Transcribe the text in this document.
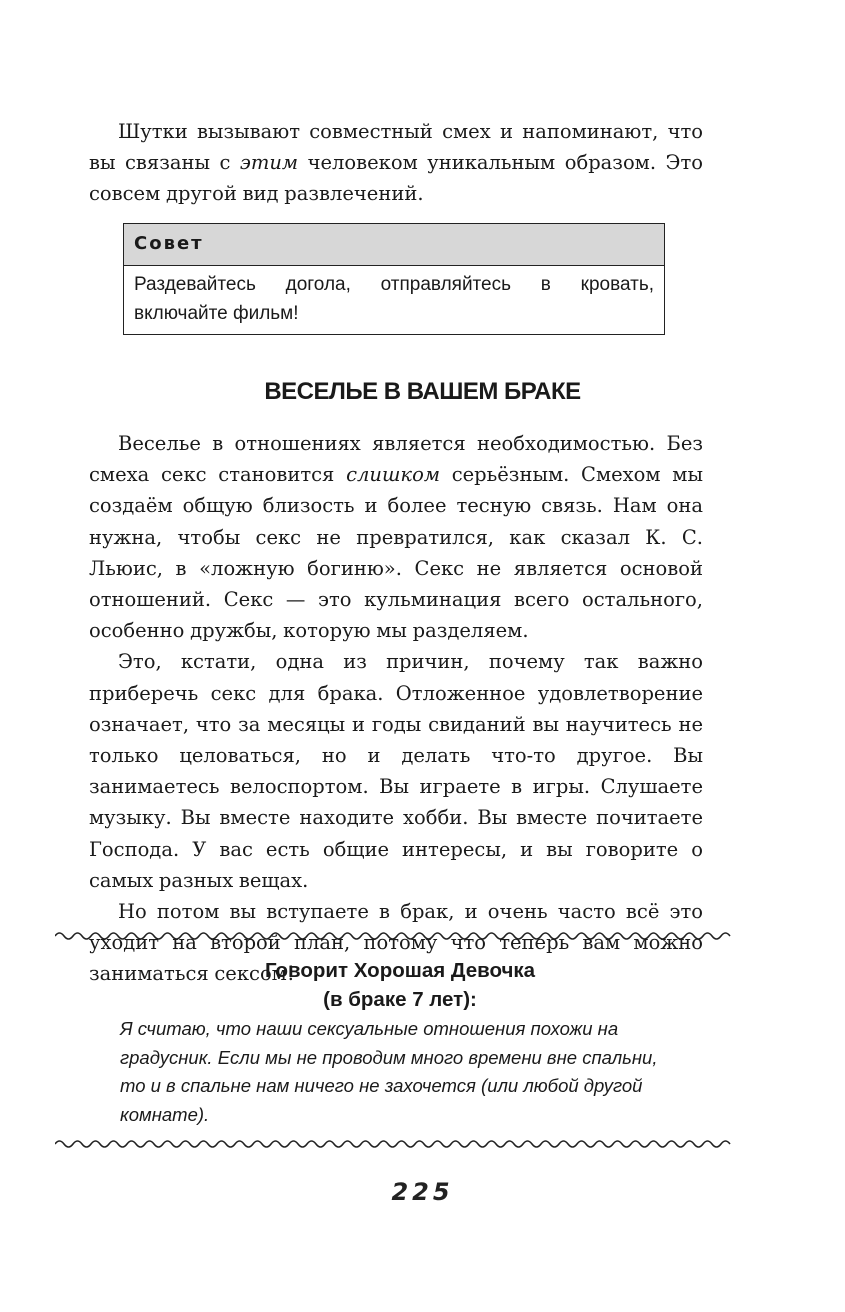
Шутки вызывают совместный смех и напоминают, что вы связаны с этим человеком уникальным образом. Это совсем другой вид развлечений.

Совет
Раздевайтесь догола, отправляйтесь в кровать, включайте фильм!
ВЕСЕЛЬЕ В ВАШЕМ БРАКЕ

Веселье в отношениях является необходимостью. Без смеха секс становится слишком серьёзным. Смехом мы создаём общую близость и более тесную связь. Нам она нужна, чтобы секс не превратился, как сказал К. С. Льюис, в «ложную богиню». Секс не является основой отношений. Секс — это кульминация всего остального, особенно дружбы, которую мы разделяем.

Это, кстати, одна из причин, почему так важно приберечь секс для брака. Отложенное удовлетворение означает, что за месяцы и годы свиданий вы научитесь не только целоваться, но и делать что-то другое. Вы занимаетесь велоспортом. Вы играете в игры. Слушаете музыку. Вы вместе находите хобби. Вы вместе почитаете Господа. У вас есть общие интересы, и вы говорите о самых разных вещах.

Но потом вы вступаете в брак, и очень часто всё это уходит на второй план, потому что теперь вам можно заниматься сексом!

Говорит Хорошая Девочка
(в браке 7 лет):
Я считаю, что наши сексуальные отношения похожи на градусник. Если мы не проводим много времени вне спальни, то и в спальне нам ничего не захочется (или любой другой комнате).
225
